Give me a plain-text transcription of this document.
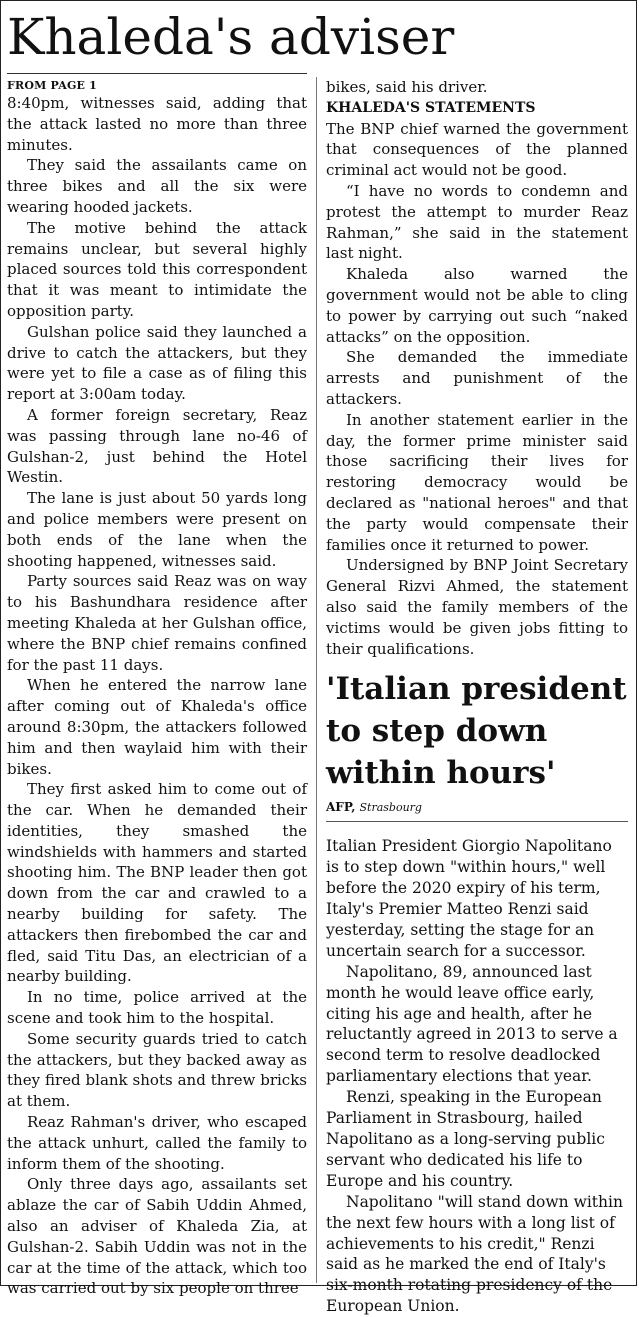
Khaleda's adviser
FROM PAGE 1

8:40pm, witnesses said, adding that the attack lasted no more than three minutes.

They said the assailants came on three bikes and all the six were wearing hooded jackets.

The motive behind the attack remains unclear, but several highly placed sources told this correspondent that it was meant to intimidate the opposition party.

Gulshan police said they launched a drive to catch the attackers, but they were yet to file a case as of filing this report at 3:00am today.

A former foreign secretary, Reaz was passing through lane no-46 of Gulshan-2, just behind the Hotel Westin.

The lane is just about 50 yards long and police members were present on both ends of the lane when the shooting happened, witnesses said.

Party sources said Reaz was on way to his Bashundhara residence after meeting Khaleda at her Gulshan office, where the BNP chief remains confined for the past 11 days.

When he entered the narrow lane after coming out of Khaleda's office around 8:30pm, the attackers followed him and then waylaid him with their bikes.

They first asked him to come out of the car. When he demanded their identities, they smashed the windshields with hammers and started shooting him. The BNP leader then got down from the car and crawled to a nearby building for safety. The attackers then firebombed the car and fled, said Titu Das, an electrician of a nearby building.

In no time, police arrived at the scene and took him to the hospital.

Some security guards tried to catch the attackers, but they backed away as they fired blank shots and threw bricks at them.

Reaz Rahman's driver, who escaped the attack unhurt, called the family to inform them of the shooting.

Only three days ago, assailants set ablaze the car of Sabih Uddin Ahmed, also an adviser of Khaleda Zia, at Gulshan-2. Sabih Uddin was not in the car at the time of the attack, which too was carried out by six people on three

bikes, said his driver.

KHALEDA'S STATEMENTS

The BNP chief warned the government that consequences of the planned criminal act would not be good.

“I have no words to condemn and protest the attempt to murder Reaz Rahman,” she said in the statement last night.

Khaleda also warned the government would not be able to cling to power by carrying out such “naked attacks” on the opposition.

She demanded the immediate arrests and punishment of the attackers.

In another statement earlier in the day, the former prime minister said those sacrificing their lives for restoring democracy would be declared as "national heroes" and that the party would compensate their families once it returned to power.

Undersigned by BNP Joint Secretary General Rizvi Ahmed, the statement also said the family members of the victims would be given jobs fitting to their qualifications.

'Italian president to step down within hours'
AFP, Strasbourg

Italian President Giorgio Napolitano is to step down "within hours," well before the 2020 expiry of his term, Italy's Premier Matteo Renzi said yesterday, setting the stage for an uncertain search for a successor.

Napolitano, 89, announced last month he would leave office early, citing his age and health, after he reluctantly agreed in 2013 to serve a second term to resolve deadlocked parliamentary elections that year.

Renzi, speaking in the European Parliament in Strasbourg, hailed Napolitano as a long-serving public servant who dedicated his life to Europe and his country.

Napolitano "will stand down within the next few hours with a long list of achievements to his credit," Renzi said as he marked the end of Italy's six-month rotating presidency of the European Union.
